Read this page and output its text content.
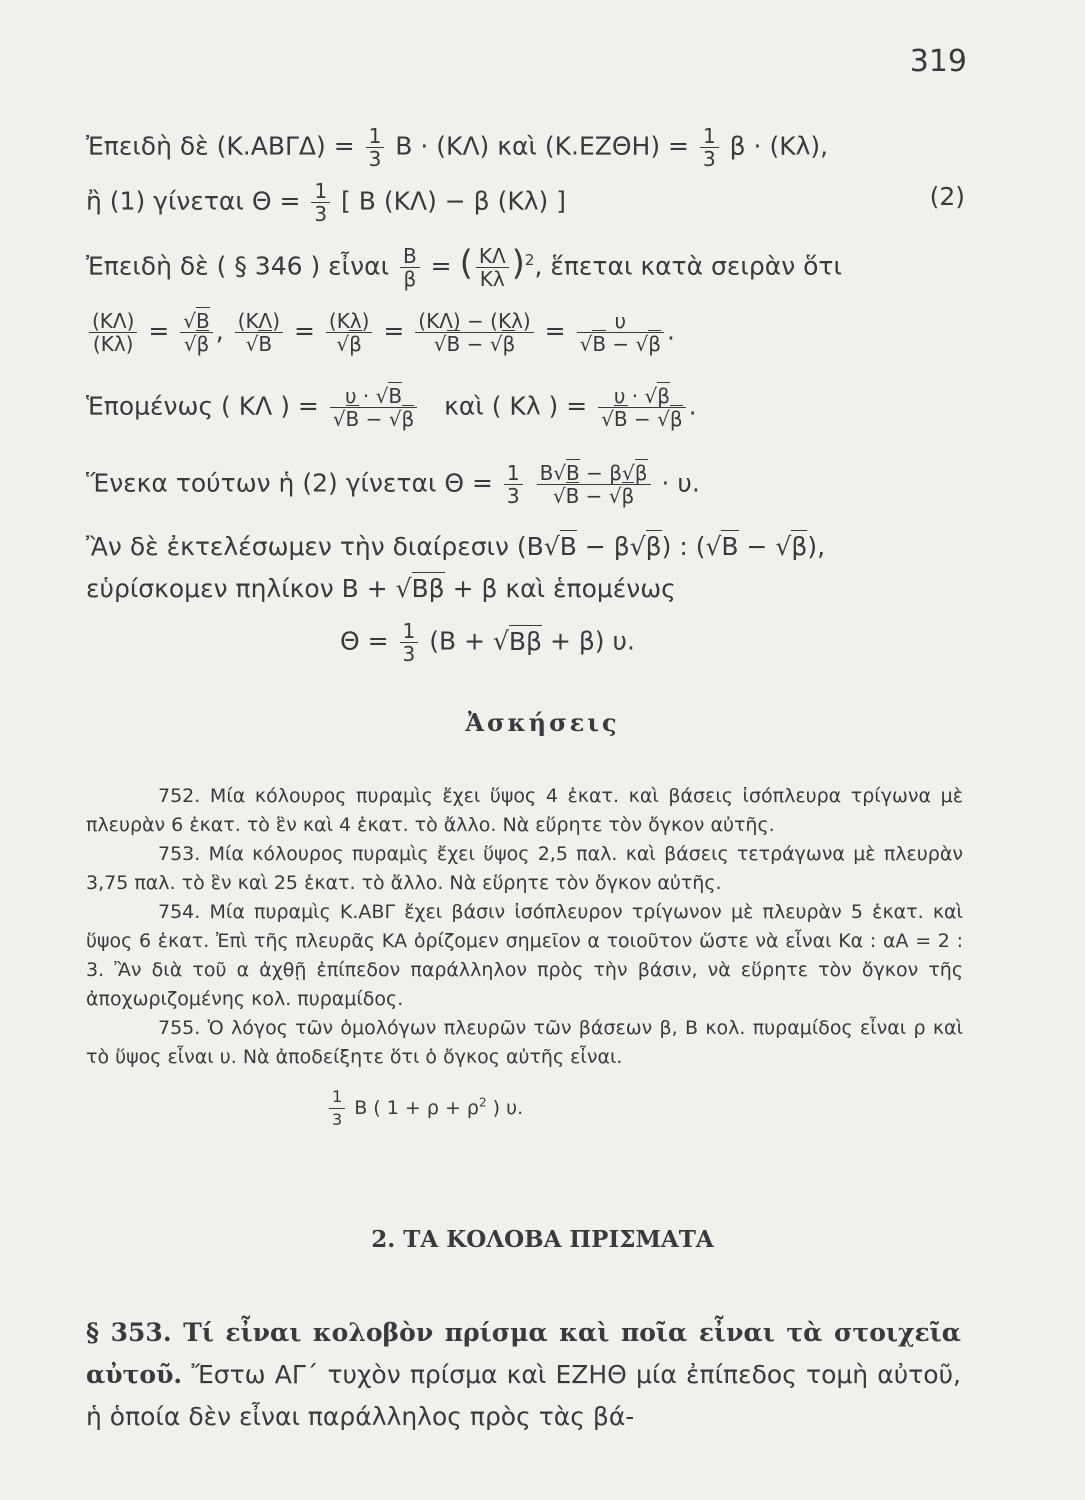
319
Ἐπειδὴ δὲ $(K.AB\Gamma\Delta) = \frac{1}{3}$ Β · (ΚΛ) καὶ $(K.EZ\Theta H) = \frac{1}{3}$ β · (Κλ),
ἢ (1) γίνεται $\Theta = \frac{1}{3}$ [ Β (ΚΛ) − β (Κλ) ]	(2)
Ἐπειδὴ δὲ ( § 346 ) εἶναι $\frac{B}{\beta}$ = ( $\frac{K\Lambda}{K\lambda} )^2$, ἕπεται κατὰ σειρὰν ὅτι
$\frac{(K\Lambda)}{(K\lambda)} = \frac{√B}{√\beta}$ , $\frac{(K\Lambda)}{√B} = \frac{(K\lambda)}{√\beta} = \frac{(K\Lambda) - (K\lambda)}{√B - √\beta} = \frac{\upsilon}{√B - √\beta}$ .
Ἑπομένως ( ΚΛ ) = $\frac{\upsilon \cdot √B}{√B - √\beta}$ καὶ ( Κλ ) = $\frac{\upsilon \cdot √\beta}{√B - √\beta}$ .
Ἕνεκα τούτων ἡ (2) γίνεται $\Theta = \frac{1}{3}$
$\frac{B√B - \beta√\beta}{√B - √\beta} \cdot \upsilon$.
Ἂν δὲ ἐκτελέσωμεν τὴν διαίρεσιν (Β√Β − β√β) : (√Β − √β),
εὑρίσκομεν πηλίκον Β + √Ββ + β καὶ ἑπομένως
$\Theta = \frac{1}{3} (B + √B\beta + \beta)$ υ.
Ἀσκήσεις

752. Μία κόλουρος πυραμὶς ἔχει ὕψος 4 ἑκατ. καὶ βάσεις ἰσόπλευρα τρίγωνα μὲ πλευρὰν 6 ἑκατ. τὸ ἓν καὶ 4 ἑκατ. τὸ ἄλλο. Νὰ εὕρητε τὸν ὄγκον αὐτῆς.

753. Μία κόλουρος πυραμὶς ἔχει ὕψος 2,5 παλ. καὶ βάσεις τετράγωνα μὲ πλευρὰν 3,75 παλ. τὸ ἓν καὶ 25 ἑκατ. τὸ ἄλλο. Νὰ εὕρητε τὸν ὄγκον αὐτῆς.

754. Μία πυραμὶς Κ.ΑΒΓ ἔχει βάσιν ἰσόπλευρον τρίγωνον μὲ πλευρὰν 5 ἑκατ. καὶ ὕψος 6 ἑκατ. Ἐπὶ τῆς πλευρᾶς ΚΑ ὁρίζομεν σημεῖον α τοιοῦτον ὥστε νὰ εἶναι Κα : αΑ = 2 : 3. Ἂν διὰ τοῦ α ἀχθῇ ἐπίπεδον παράλληλον πρὸς τὴν βάσιν, νὰ εὕρητε τὸν ὄγκον τῆς ἀποχωριζομένης κολ. πυραμίδος.

755. Ὁ λόγος τῶν ὁμολόγων πλευρῶν τῶν βάσεων β, Β κολ. πυραμίδος εἶναι ρ καὶ τὸ ὕψος εἶναι υ. Νὰ ἀποδείξητε ὅτι ὁ ὄγκος αὐτῆς εἶναι.

$\frac{1}{3}$ Β ( $1 + \rho + \rho^2$ ) υ.
2. ΤΑ ΚΟΛΟΒΑ ΠΡΙΣΜΑΤΑ
§ 353. Τί εἶναι κολοβὸν πρίσμα καὶ ποῖα εἶναι τὰ στοιχεῖα αὐτοῦ. Ἔστω ΑΓ΄ τυχὸν πρίσμα καὶ ΕΖΗΘ μία ἐπίπεδος τομὴ αὐτοῦ, ἡ ὁποία δὲν εἶναι παράλληλος πρὸς τὰς βά-
